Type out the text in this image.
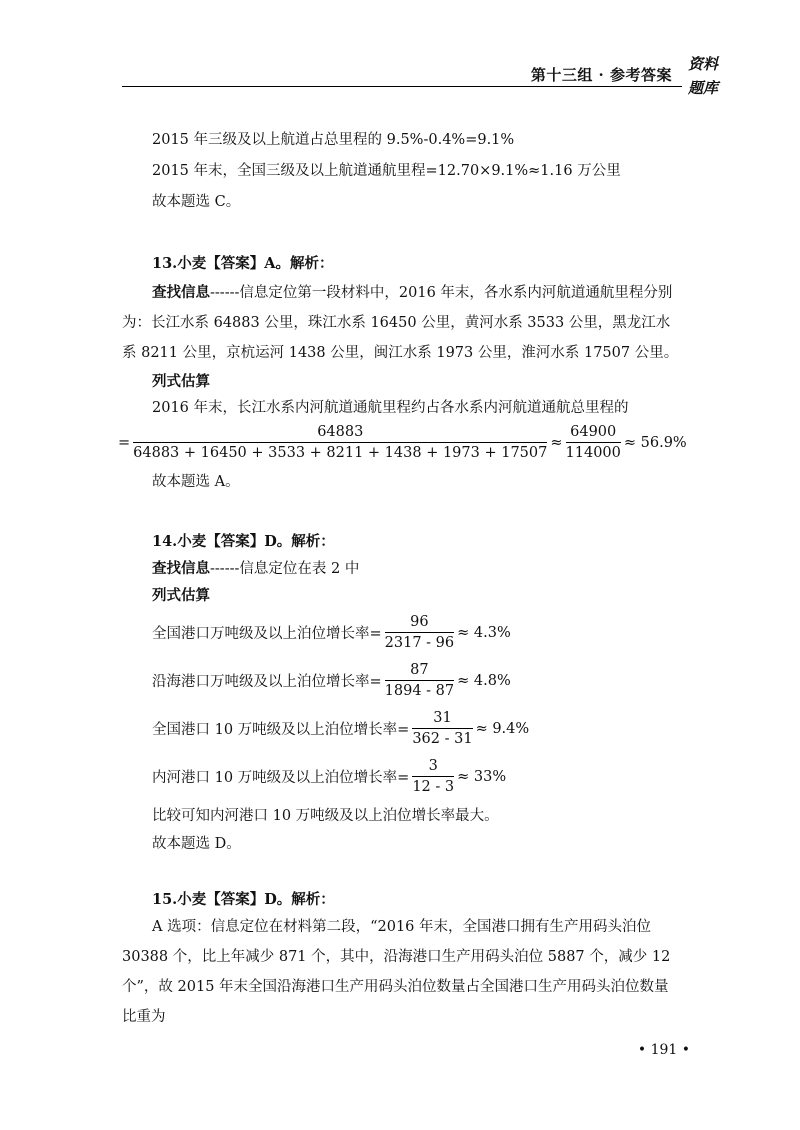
第十三组 · 参考答案
资料
题库
2015 年三级及以上航道占总里程的 9.5%-0.4%=9.1%
2015 年末，全国三级及以上航道通航里程=12.70×9.1%≈1.16 万公里
故本题选 C。
13.小麦【答案】A。解析：
查找信息------信息定位第一段材料中，2016 年末，各水系内河航道通航里程分别为：长江水系 64883 公里，珠江水系 16450 公里，黄河水系 3533 公里，黑龙江水系 8211 公里，京杭运河 1438 公里，闽江水系 1973 公里，淮河水系 17507 公里。
列式估算
2016 年末，长江水系内河航道通航里程约占各水系内河航道通航总里程的
= $\frac{64883}{64883 + 16450 + 3533 + 8211 + 1438 + 1973 + 17507} \approx \frac{64900}{114000} \approx 56.9\%$
故本题选 A。
14.小麦【答案】D。解析：
查找信息------信息定位在表 2 中
列式估算
全国港口万吨级及以上泊位增长率= $\frac{96}{2317 - 96} \approx 4.3\%$
沿海港口万吨级及以上泊位增长率= $\frac{87}{1894 - 87} \approx 4.8\%$
全国港口 10 万吨级及以上泊位增长率= $\frac{31}{362 - 31} \approx 9.4\%$
内河港口 10 万吨级及以上泊位增长率= $\frac{3}{12 - 3} \approx 33\%$
比较可知内河港口 10 万吨级及以上泊位增长率最大。
故本题选 D。
15.小麦【答案】D。解析：
A 选项：信息定位在材料第二段，“2016 年末，全国港口拥有生产用码头泊位 30388 个，比上年减少 871 个，其中，沿海港口生产用码头泊位 5887 个，减少 12 个”，故 2015 年末全国沿海港口生产用码头泊位数量占全国港口生产用码头泊位数量比重为
• 191 •
